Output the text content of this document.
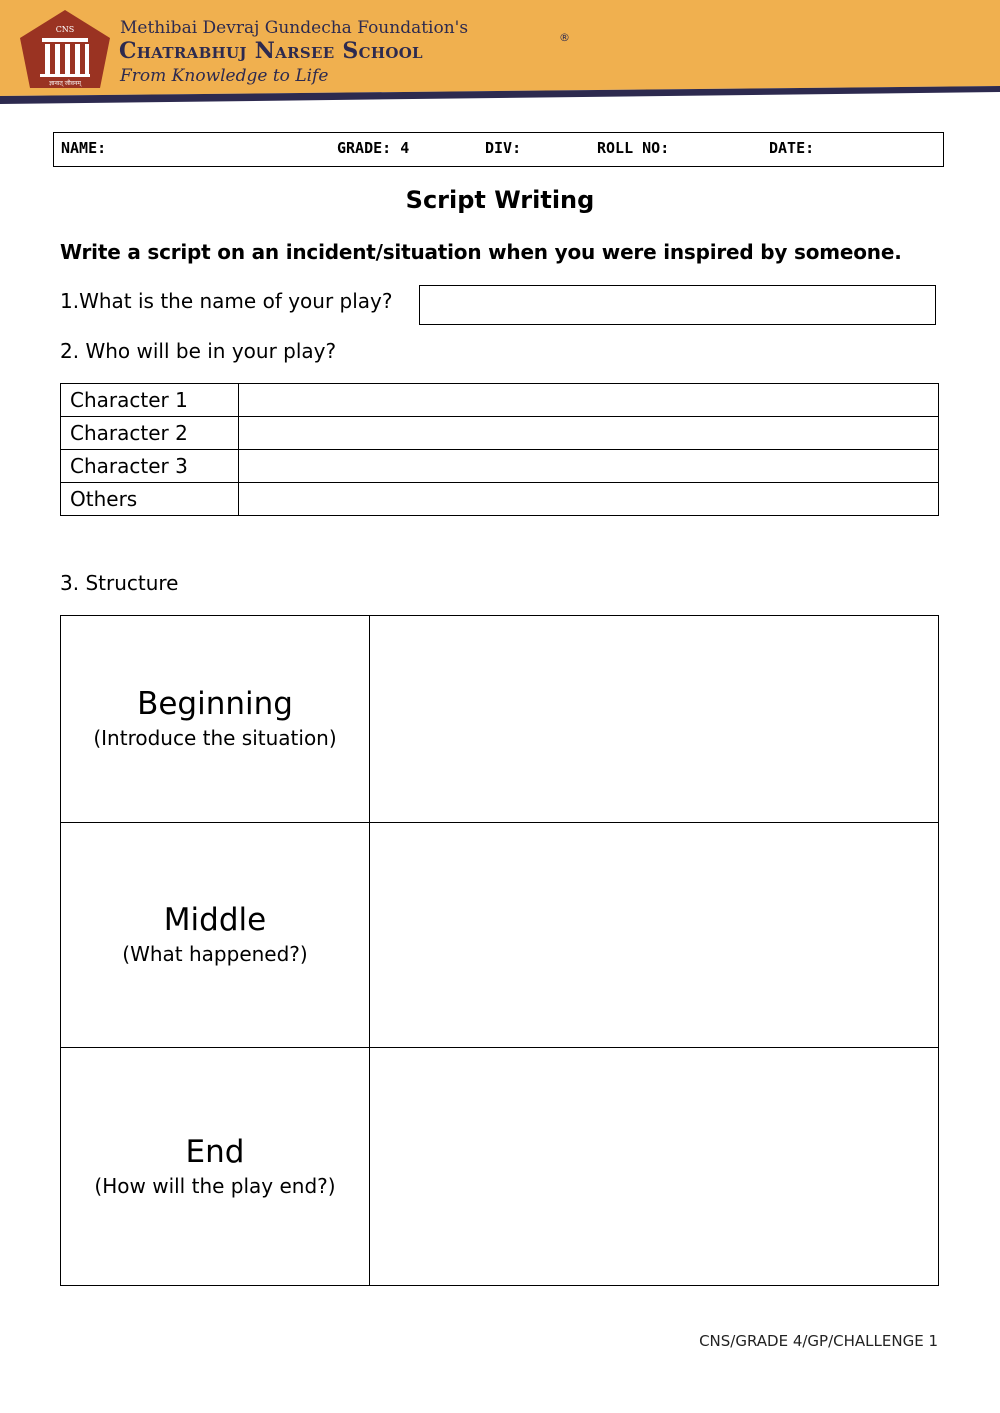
CNS
ज्ञानात् जीवनम्
Methibai Devraj Gundecha Foundation's
Chatrabhuj Narsee School
®
From Knowledge to Life
NAME:	GRADE: 4	DIV:	ROLL NO:	DATE:
Script Writing
Write a script on an incident/situation when you were inspired by someone.
1.What is the name of your play?
2. Who will be in your play?
Character 1	
Character 2	
Character 3	
Others	
3. Structure
Beginning
(Introduce the situation)	

Middle
(What happened?)	

End
(How will the play end?)	

CNS/GRADE 4/GP/CHALLENGE 1
